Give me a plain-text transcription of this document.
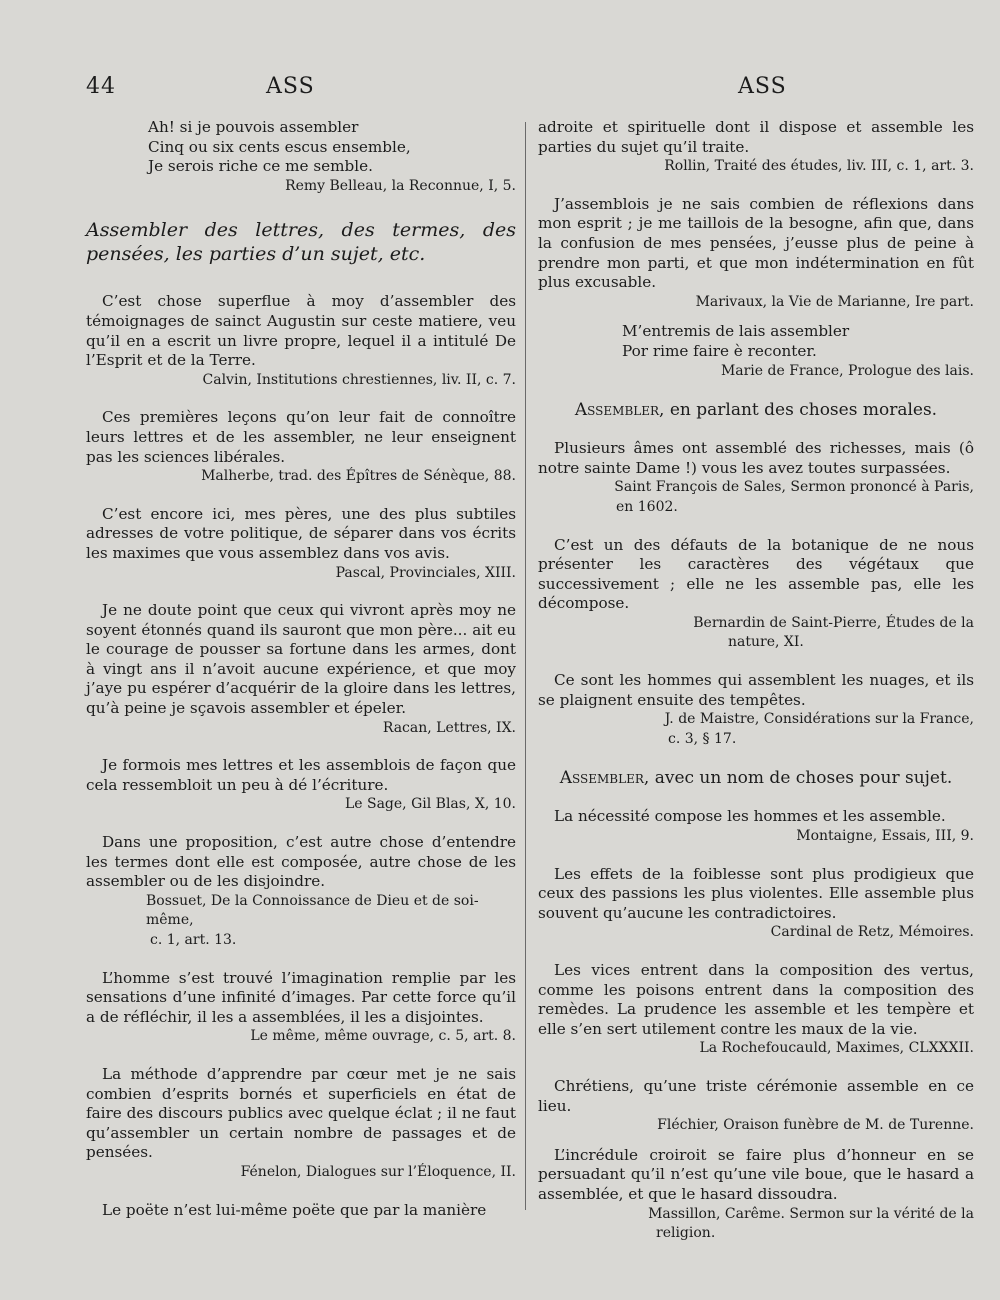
44	ASS	ASS

Ah! si je pouvois assembler

Cinq ou six cents escus ensemble,

Je serois riche ce me semble.

Remy Belleau, la Reconnue, I, 5.

Assembler des lettres, des termes, des pensées, les parties d’un sujet, etc.

C’est chose superflue à moy d’assembler des témoignages de sainct Augustin sur ceste matiere, veu qu’il en a escrit un livre propre, lequel il a intitulé De l’Esprit et de la Terre.

Calvin, Institutions chrestiennes, liv. II, c. 7.

Ces premières leçons qu’on leur fait de connoître leurs lettres et de les assembler, ne leur enseignent pas les sciences libérales.

Malherbe, trad. des Épîtres de Sénèque, 88.

C’est encore ici, mes pères, une des plus subtiles adresses de votre politique, de séparer dans vos écrits les maximes que vous assemblez dans vos avis.

Pascal, Provinciales, XIII.

Je ne doute point que ceux qui vivront après moy ne soyent étonnés quand ils sauront que mon père... ait eu le courage de pousser sa fortune dans les armes, dont à vingt ans il n’avoit aucune expérience, et que moy j’aye pu espérer d’acquérir de la gloire dans les lettres, qu’à peine je sçavois assembler et épeler.

Racan, Lettres, IX.

Je formois mes lettres et les assemblois de façon que cela ressembloit un peu à dé l’écriture.

Le Sage, Gil Blas, X, 10.

Dans une proposition, c’est autre chose d’entendre les termes dont elle est composée, autre chose de les assembler ou de les disjoindre.

Bossuet, De la Connoissance de Dieu et de soi-même,

c. 1, art. 13.

L’homme s’est trouvé l’imagination remplie par les sensations d’une infinité d’images. Par cette force qu’il a de réfléchir, il les a assemblées, il les a disjointes.

Le même, même ouvrage, c. 5, art. 8.

La méthode d’apprendre par cœur met je ne sais combien d’esprits bornés et superficiels en état de faire des discours publics avec quelque éclat ; il ne faut qu’assembler un certain nombre de passages et de pensées.

Fénelon, Dialogues sur l’Éloquence, II.

Le poëte n’est lui-même poëte que par la manière

adroite et spirituelle dont il dispose et assemble les parties du sujet qu’il traite.

Rollin, Traité des études, liv. III, c. 1, art. 3.

J’assemblois je ne sais combien de réflexions dans mon esprit ; je me taillois de la besogne, afin que, dans la confusion de mes pensées, j’eusse plus de peine à prendre mon parti, et que mon indétermination en fût plus excusable.

Marivaux, la Vie de Marianne, Ire part.

M’entremis de lais assembler

Por rime faire è reconter.

Marie de France, Prologue des lais.

Assembler, en parlant des choses morales.

Plusieurs âmes ont assemblé des richesses, mais (ô notre sainte Dame !) vous les avez toutes surpassées.

Saint François de Sales, Sermon prononcé à Paris,

en 1602.

C’est un des défauts de la botanique de ne nous présenter les caractères des végétaux que successivement ; elle ne les assemble pas, elle les décompose.

Bernardin de Saint-Pierre, Études de la

nature, XI.

Ce sont les hommes qui assemblent les nuages, et ils se plaignent ensuite des tempêtes.

J. de Maistre, Considérations sur la France,

c. 3, § 17.

Assembler, avec un nom de choses pour sujet.

La nécessité compose les hommes et les assemble.

Montaigne, Essais, III, 9.

Les effets de la foiblesse sont plus prodigieux que ceux des passions les plus violentes. Elle assemble plus souvent qu’aucune les contradictoires.

Cardinal de Retz, Mémoires.

Les vices entrent dans la composition des vertus, comme les poisons entrent dans la composition des remèdes. La prudence les assemble et les tempère et elle s’en sert utilement contre les maux de la vie.

La Rochefoucauld, Maximes, CLXXXII.

Chrétiens, qu’une triste cérémonie assemble en ce lieu.

Fléchier, Oraison funèbre de M. de Turenne.

L’incrédule croiroit se faire plus d’honneur en se persuadant qu’il n’est qu’une vile boue, que le hasard a assemblée, et que le hasard dissoudra.

Massillon, Carême. Sermon sur la vérité de la

religion.
